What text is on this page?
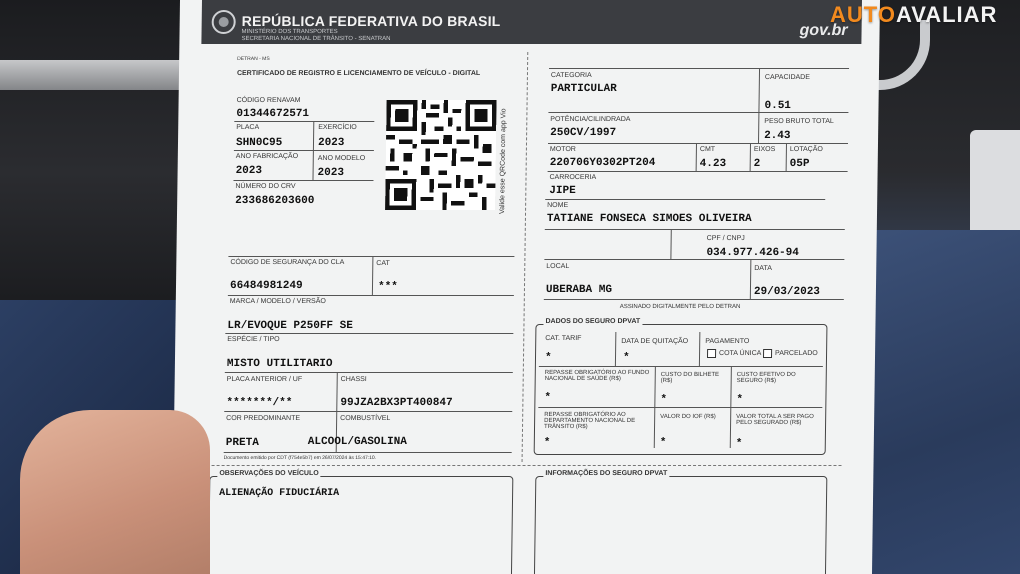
REPÚBLICA FEDERATIVA DO BRASIL
MINISTÉRIO DOS TRANSPORTES
SECRETARIA NACIONAL DE TRÂNSITO - SENATRAN	gov.br
DETRAN - MS
CERTIFICADO DE REGISTRO E LICENCIAMENTO DE VEÍCULO - DIGITAL
CÓDIGO RENAVAM
01344672571
PLACA
SHN0C95
EXERCÍCIO
2023
ANO FABRICAÇÃO
2023
ANO MODELO
2023
NÚMERO DO CRV
233686203600	Valide esse QRCode com app Vio
CÓDIGO DE SEGURANÇA DO CLA	CAT
66484981249	***
MARCA / MODELO / VERSÃO
LR/EVOQUE P250FF SE
ESPÉCIE / TIPO
MISTO UTILITARIO
PLACA ANTERIOR / UF	CHASSI
*******/**	99JZA2BX3PT400847
COR PREDOMINANTE	COMBUSTÍVEL
PRETA	ALCOOL/GASOLINA
Documento emitido por CDT (f754e5b7) em 26/07/2024 às 15:47:10.
CATEGORIA
PARTICULAR
CAPACIDADE
0.51
POTÊNCIA/CILINDRADA
250CV/1997
PESO BRUTO TOTAL
2.43
MOTOR
220706Y0302PT204
CMT
4.23
EIXOS
2
LOTAÇÃO
05P
CARROCERIA
JIPE
NOME
TATIANE FONSECA SIMOES OLIVEIRA
CPF / CNPJ
034.977.426-94
LOCAL
UBERABA MG
DATA
29/03/2023
ASSINADO DIGITALMENTE PELO DETRAN
DADOS DO SEGURO DPVAT
CAT. TARIF
*
DATA DE QUITAÇÃO
*
PAGAMENTO
COTA ÚNICA PARCELADO
REPASSE OBRIGATÓRIO AO FUNDO NACIONAL DE SAÚDE (R$)
*
CUSTO DO BILHETE (R$)
*
CUSTO EFETIVO DO SEGURO (R$)
*
REPASSE OBRIGATÓRIO AO DEPARTAMENTO NACIONAL DE TRÂNSITO (R$)
*
VALOR DO IOF (R$)
*
VALOR TOTAL A SER PAGO PELO SEGURADO (R$)
*
OBSERVAÇÕES DO VEÍCULO
ALIENAÇÃO FIDUCIÁRIA
INFORMAÇÕES DO SEGURO DPVAT
AUTOAVALIAR
